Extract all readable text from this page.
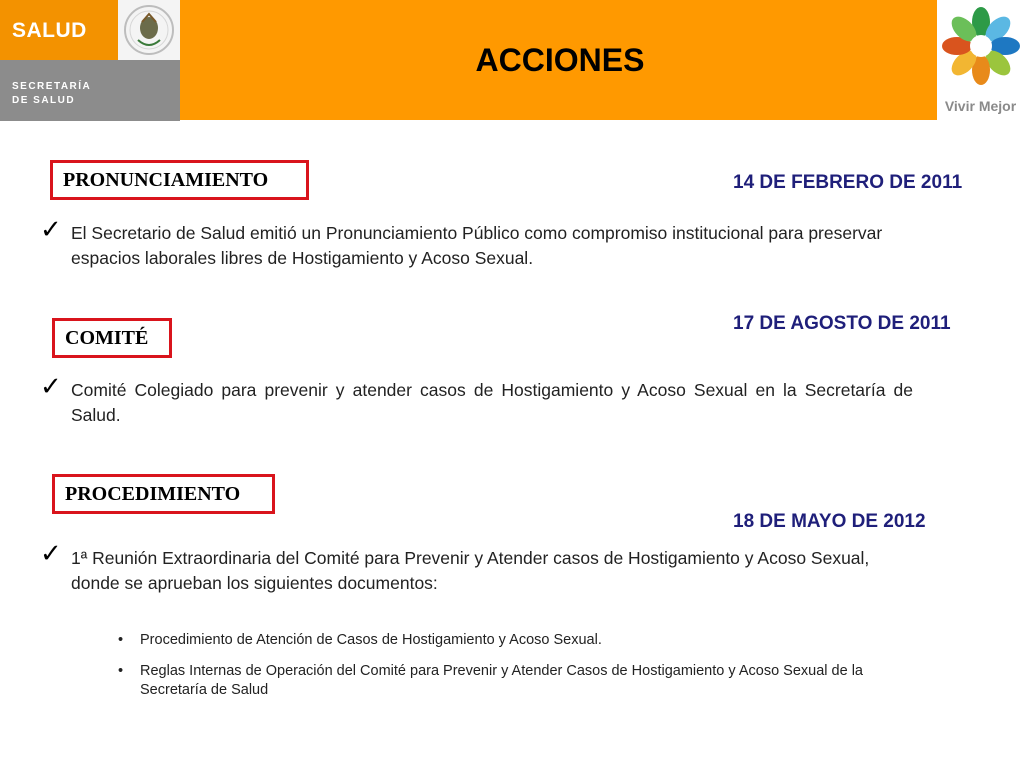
SALUD
SECRETARÍA
DE SALUD
ACCIONES
Vivir Mejor
PRONUNCIAMIENTO	14 DE FEBRERO DE 2011
✓ El Secretario de Salud emitió un Pronunciamiento Público como compromiso institucional para preservar espacios laborales libres de Hostigamiento y Acoso Sexual.
COMITÉ
17 DE AGOSTO DE 2011
✓ Comité Colegiado para prevenir y atender casos de Hostigamiento y Acoso Sexual en la Secretaría de Salud.
PROCEDIMIENTO
18 DE MAYO DE 2012
✓ 1ª Reunión Extraordinaria del Comité para Prevenir y Atender casos de Hostigamiento y Acoso Sexual, donde se aprueban los siguientes documentos:
• Procedimiento de Atención de Casos de Hostigamiento y Acoso Sexual.
• Reglas Internas de Operación del Comité para Prevenir y Atender Casos de Hostigamiento y Acoso Sexual de la Secretaría de Salud
